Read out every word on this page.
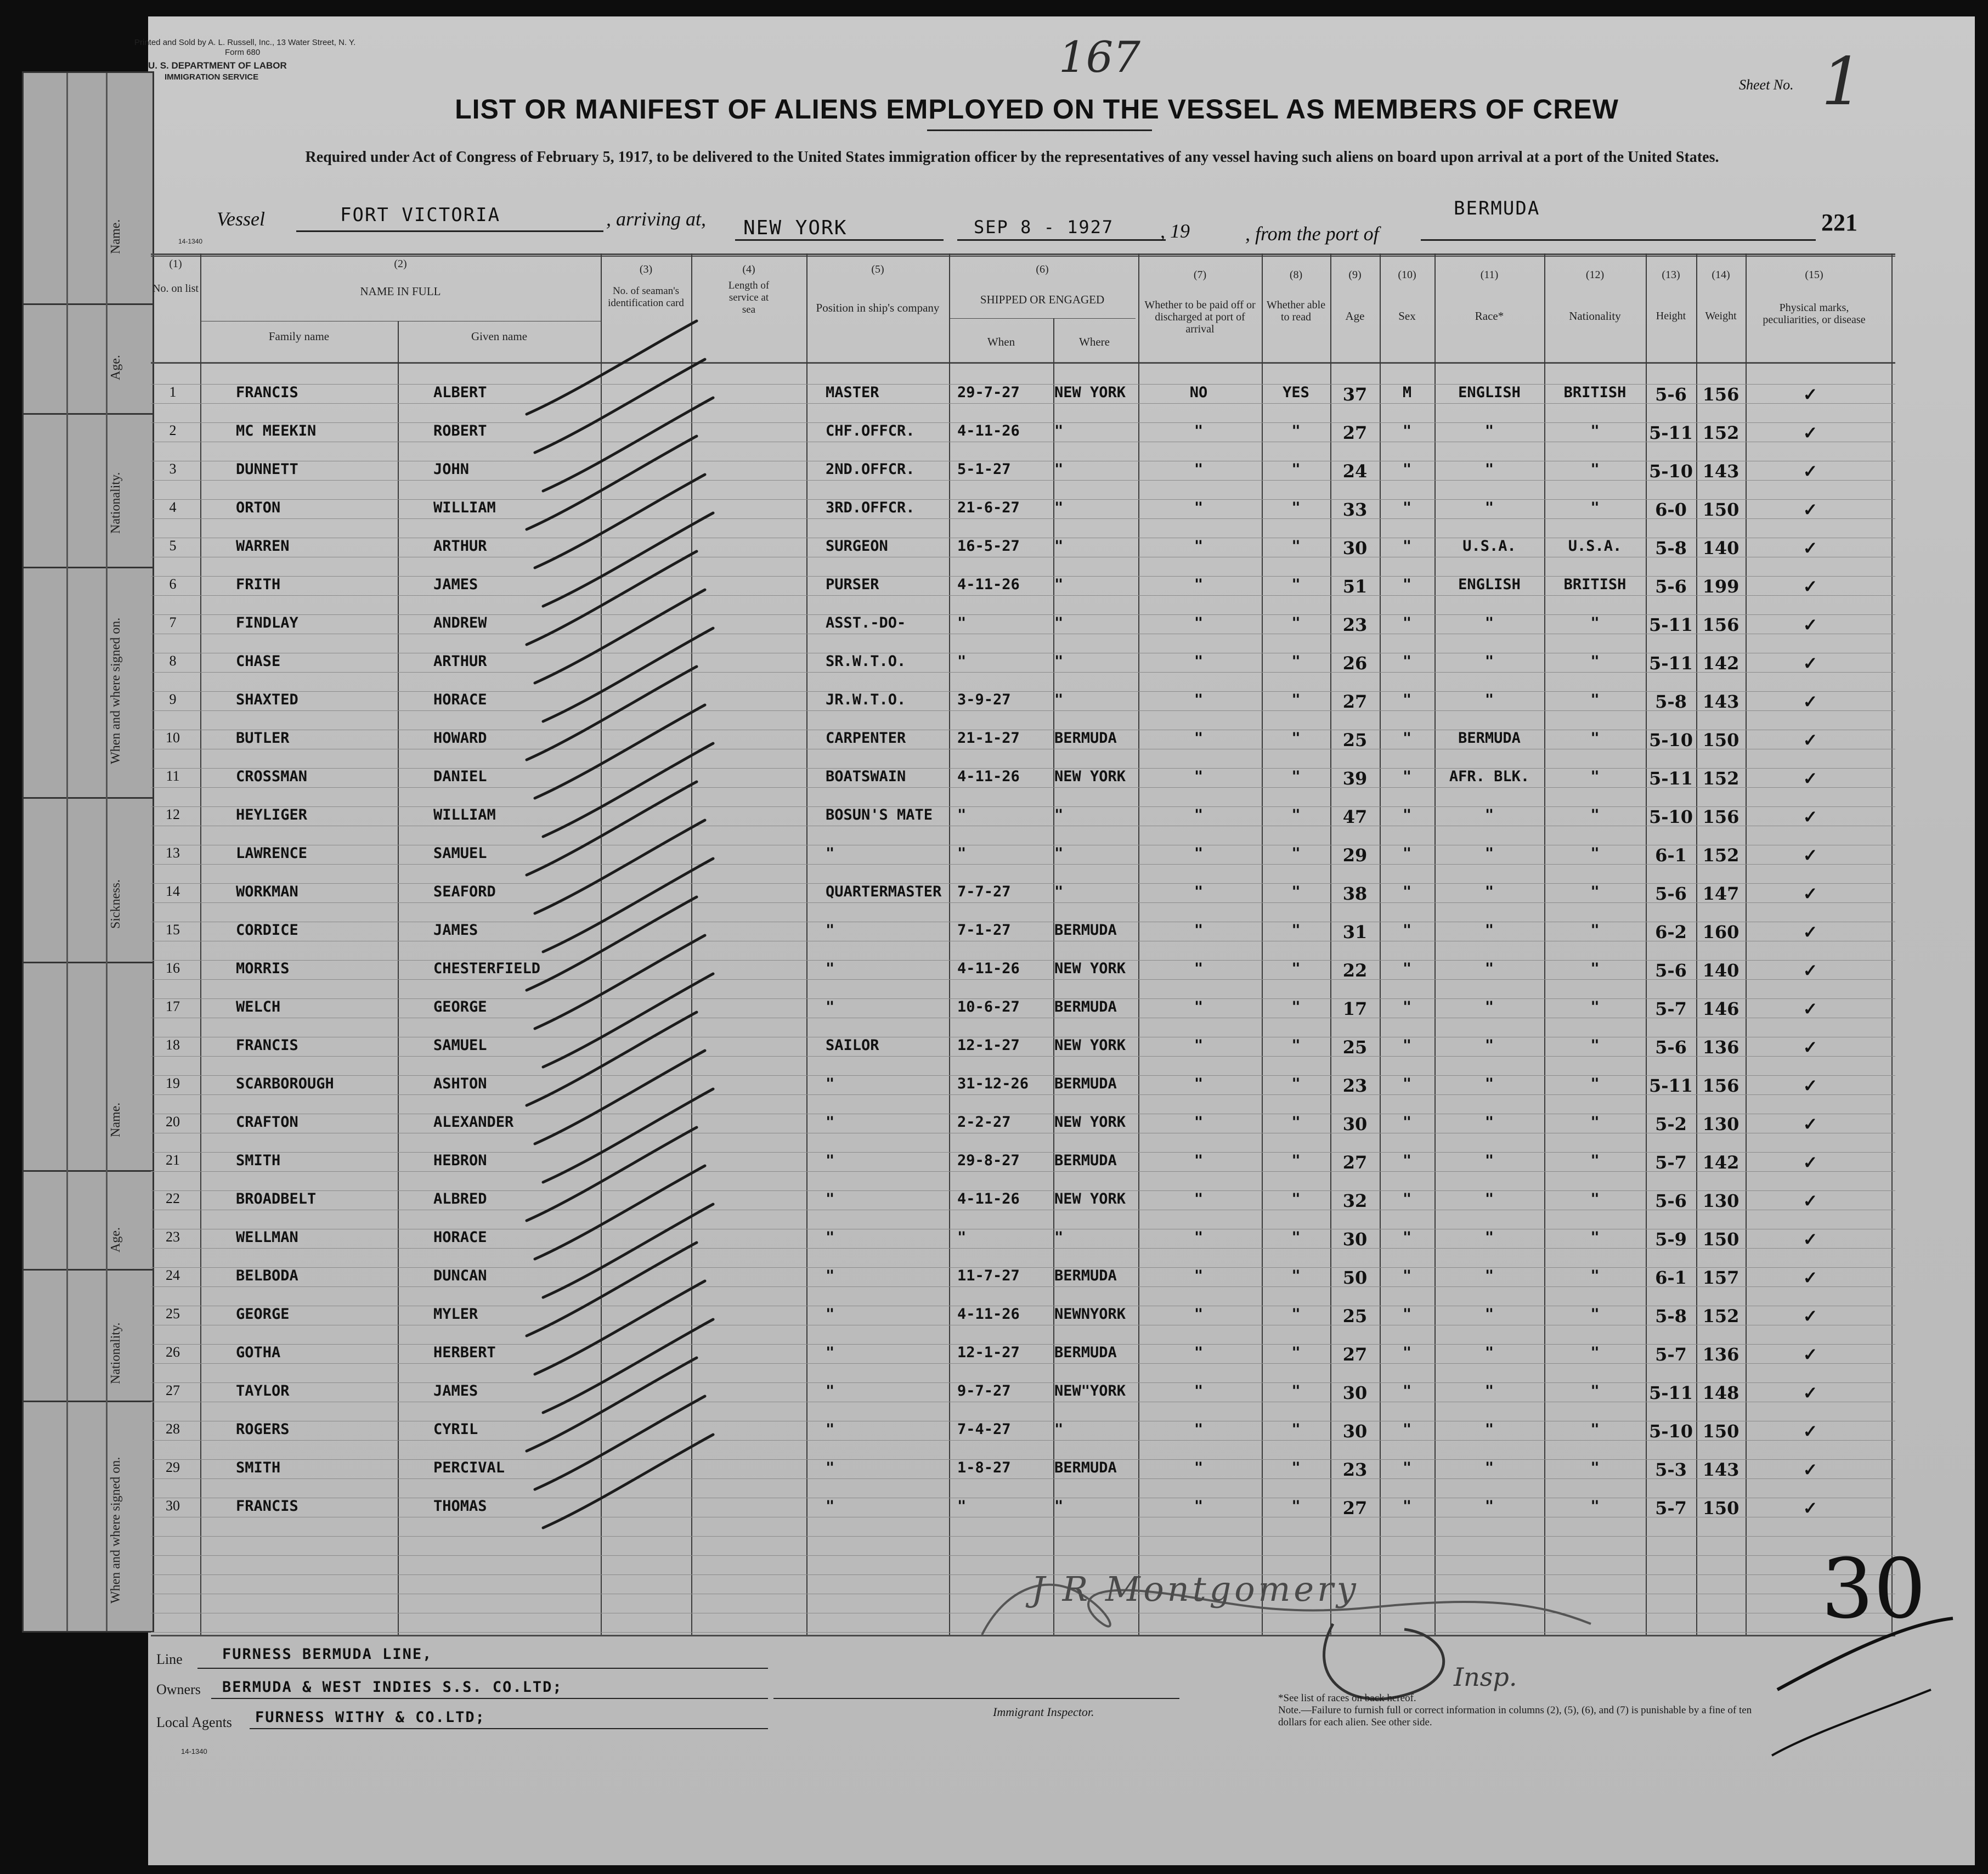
Name.
Age.
Nationality.
When and where signed on.
Sickness.
Name.
Age.
Nationality.
When and where signed on.
Printed and Sold by A. L. Russell, Inc., 13 Water Street, N. Y.
Form 680
U. S. DEPARTMENT OF LABOR
IMMIGRATION SERVICE	167
Sheet No. 1
LIST OR MANIFEST OF ALIENS EMPLOYED ON THE VESSEL AS MEMBERS OF CREW
Required under Act of Congress of February 5, 1917, to be delivered to the United States immigration officer by the representatives of any vessel having such aliens on board upon arrival at a port of the United States.
Vessel	FORT VICTORIA	, arriving at, NEW YORK	SEP 8 - 1927 , 19	, from the port of
BERMUDA
221
14-1340
(1)
No. on list
(2)
NAME IN FULL
Family name	Given name
(3)
No. of seaman's identification card
(4)
Length of service at sea
(5)
Position in ship's company
(6)
SHIPPED OR ENGAGED
When	Where
(7)
Whether to be paid off or discharged at port of arrival
(8)
Whether able to read
(9)
Age
(10)
Sex
(11)
Race*
(12)
Nationality
(13)
Height
(14)
Weight
(15)
Physical marks, peculiarities, or disease
1	FRANCIS	ALBERT	MASTER	29-7-27 NEW YORK	NO	YES	37	M	ENGLISH	BRITISH	5-6 156	✓
2	MC MEEKIN	ROBERT	CHF.OFFCR.	4-11-26 "	"	"	27	"	"	"	5-11 152	✓
3	DUNNETT	JOHN	2ND.OFFCR.	5-1-27	"	"	"	24	"	"	"	5-10 143	✓
4	ORTON	WILLIAM	3RD.OFFCR.	21-6-27 "	"	"	33	"	"	"	6-0 150	✓
5	WARREN	ARTHUR	SURGEON	16-5-27 "	"	"	30	"	U.S.A.	U.S.A.	5-8 140	✓
6	FRITH	JAMES	PURSER	4-11-26 "	"	"	51	"	ENGLISH	BRITISH	5-6 199	✓
7	FINDLAY	ANDREW	ASST.-DO-	"	"	"	"	23	"	"	"	5-11 156	✓
8	CHASE	ARTHUR	SR.W.T.O.	"	"	"	"	26	"	"	"	5-11 142	✓
9	SHAXTED	HORACE	JR.W.T.O.	3-9-27	"	"	"	27	"	"	"	5-8 143	✓
10	BUTLER	HOWARD	CARPENTER	21-1-27 BERMUDA	"	"	25	"	BERMUDA	"	5-10 150	✓
11	CROSSMAN	DANIEL	BOATSWAIN	4-11-26 NEW YORK	"	"	39	"	AFR. BLK.	"	5-11 152	✓
12	HEYLIGER	WILLIAM	BOSUN'S MATE "	"	"	"	47	"	"	"	5-10 156	✓
13	LAWRENCE	SAMUEL	"	"	"	"	"	29	"	"	"	6-1 152	✓
14	WORKMAN	SEAFORD	QUARTERMASTER 7-7-27	"	"	"	38	"	"	"	5-6 147	✓
15	CORDICE	JAMES	"	7-1-27	BERMUDA	"	"	31	"	"	"	6-2 160	✓
16	MORRIS	CHESTERFIELD	"	4-11-26 NEW YORK	"	"	22	"	"	"	5-6 140	✓
17	WELCH	GEORGE	"	10-6-27 BERMUDA	"	"	17	"	"	"	5-7 146	✓
18	FRANCIS	SAMUEL	SAILOR	12-1-27 NEW YORK	"	"	25	"	"	"	5-6 136	✓
19	SCARBOROUGH	ASHTON	"	31-12-26 BERMUDA	"	"	23	"	"	"	5-11 156	✓
20	CRAFTON	ALEXANDER	"	2-2-27	NEW YORK	"	"	30	"	"	"	5-2 130	✓
21	SMITH	HEBRON	"	29-8-27 BERMUDA	"	"	27	"	"	"	5-7 142	✓
22	BROADBELT	ALBRED	"	4-11-26 NEW YORK	"	"	32	"	"	"	5-6 130	✓
23	WELLMAN	HORACE	"	"	"	"	"	30	"	"	"	5-9 150	✓
24	BELBODA	DUNCAN	"	11-7-27 BERMUDA	"	"	50	"	"	"	6-1 157	✓
25	GEORGE	MYLER	"	4-11-26 NEWNYORK	"	"	25	"	"	"	5-8 152	✓
26	GOTHA	HERBERT	"	12-1-27 BERMUDA	"	"	27	"	"	"	5-7 136	✓
27	TAYLOR	JAMES	"	9-7-27	NEW"YORK	"	"	30	"	"	"	5-11 148	✓
28	ROGERS	CYRIL	"	7-4-27	"	"	"	30	"	"	"	5-10 150	✓
29	SMITH	PERCIVAL	"	1-8-27	BERMUDA	"	"	23	"	"	"	5-3 143	✓
30	FRANCIS	THOMAS	"	"	"	"	"	27	"	"	"	5-7 150	✓
J R Montgomery
Insp.
30
Line	FURNESS BERMUDA LINE,
Owners BERMUDA & WEST INDIES S.S. CO.LTD;
Local Agents FURNESS WITHY & CO.LTD;	Immigrant Inspector.
*See list of races on back hereof.
Note.—Failure to furnish full or correct information in columns (2), (5), (6), and (7) is punishable by a fine of ten dollars for each alien. See other side.
14-1340
